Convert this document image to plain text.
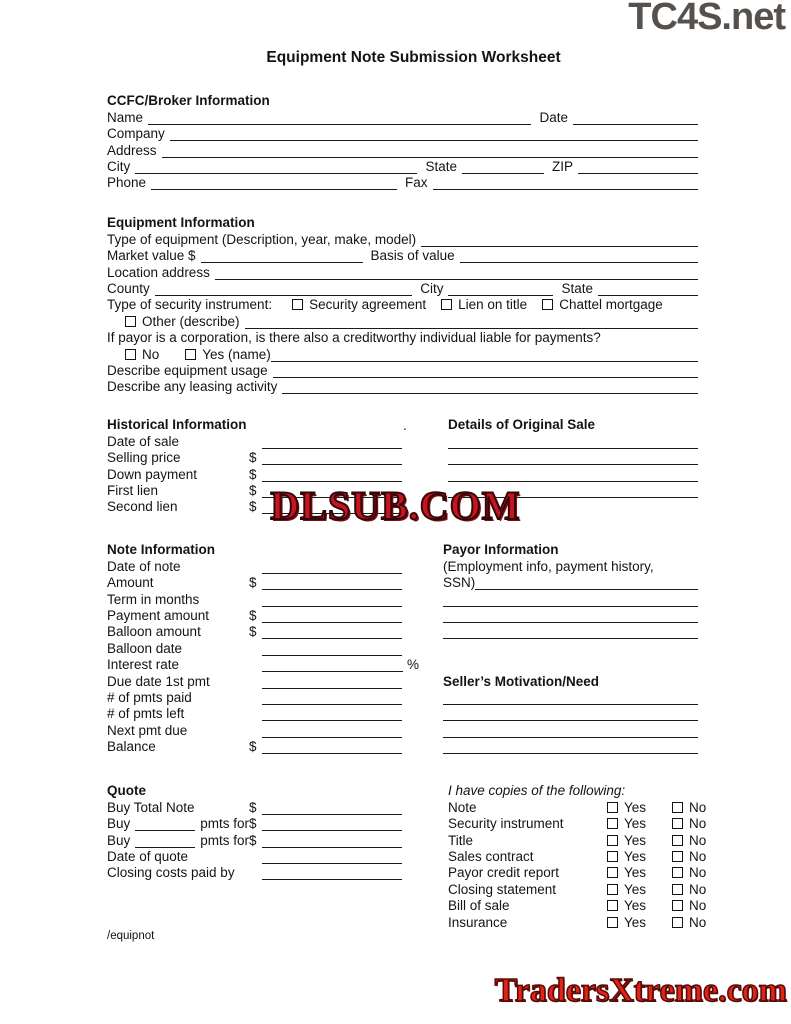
TC4S.net
Equipment Note Submission Worksheet
CCFC/Broker Information
Name	Date
Company
Address
City	State	ZIP
Phone	Fax
Equipment Information
Type of equipment (Description, year, make, model)
Market value $	Basis of value
Location address
County	City	State
Type of security instrument:	Security agreement Lien on title Chattel mortgage
Other (describe)
If payor is a corporation, is there also a creditworthy individual liable for payments?
No	Yes (name)
Describe equipment usage
Describe any leasing activity
.
Historical Information
Date of sale
Selling price	$
Down payment	$
First lien	$
Second lien	$
Details of Original Sale
Note Information
Date of note
Amount	$
Term in months
Payment amount	$
Balloon amount	$
Balloon date
Interest rate	%
Due date 1st pmt
# of pmts paid
# of pmts left
Next pmt due
Balance	$
Payor Information
(Employment info, payment history,
SSN)
Seller’s Motivation/Need
Quote
Buy Total Note	$
Buy	pmts for $
Buy	pmts for $
Date of quote
Closing costs paid by
I have copies of the following:
Note	Yes	No
Security instrument	Yes	No
Title	Yes	No
Sales contract	Yes	No
Payor credit report	Yes	No
Closing statement	Yes	No
Bill of sale	Yes	No
Insurance	Yes	No
/equipnot
DLSUB.COM
TradersXtreme.com
